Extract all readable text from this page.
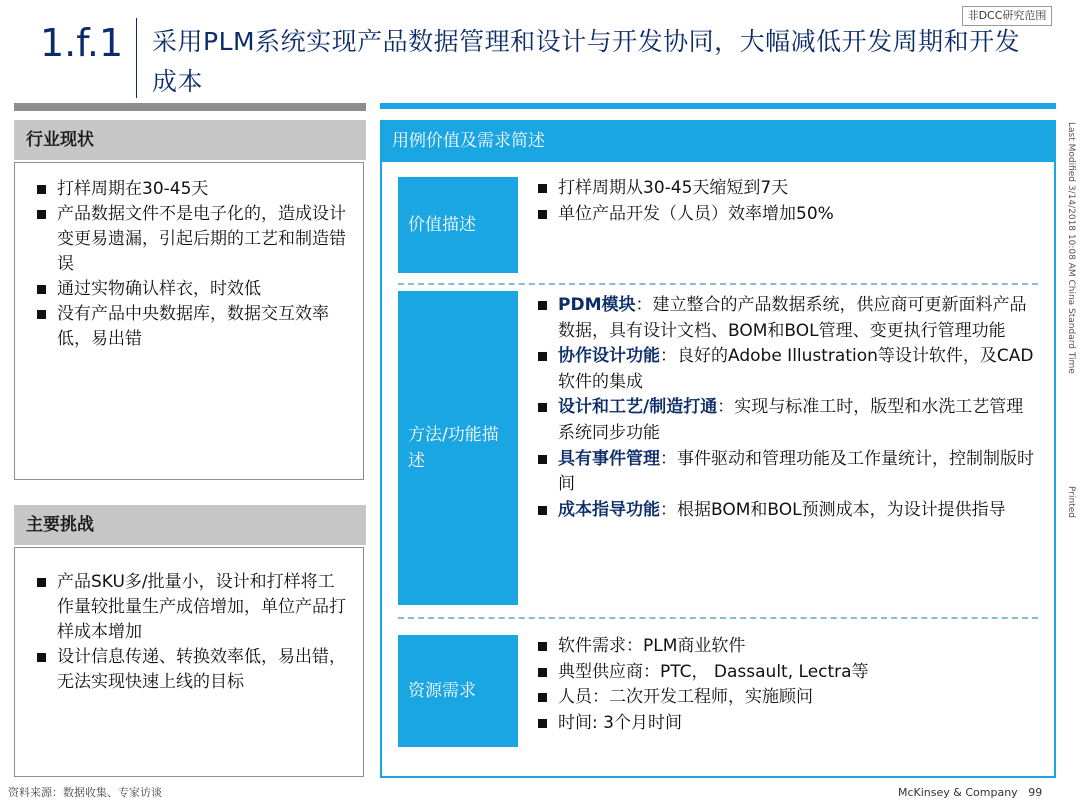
非DCC研究范围
1.f.1 采用PLM系统实现产品数据管理和设计与开发协同，大幅减低开发周期和开发成本
行业现状
打样周期在30-45天
产品数据文件不是电子化的，造成设计变更易遗漏，引起后期的工艺和制造错误
通过实物确认样衣，时效低
没有产品中央数据库，数据交互效率低，易出错
主要挑战
产品SKU多/批量小，设计和打样将工作量较批量生产成倍增加，单位产品打样成本增加
设计信息传递、转换效率低，易出错，无法实现快速上线的目标
用例价值及需求简述
价值描述
打样周期从30-45天缩短到7天
单位产品开发（人员）效率增加50%
方法/功能描述
PDM模块：建立整合的产品数据系统，供应商可更新面料产品数据，具有设计文档、BOM和BOL管理、变更执行管理功能
协作设计功能：良好的Adobe Illustration等设计软件，及CAD软件的集成
设计和工艺/制造打通：实现与标准工时，版型和水洗工艺管理系统同步功能
具有事件管理：事件驱动和管理功能及工作量统计，控制制版时间
成本指导功能：根据BOM和BOL预测成本，为设计提供指导
资源需求
软件需求：PLM商业软件
典型供应商：PTC， Dassault, Lectra等
人员：二次开发工程师，实施顾问
时间: 3个月时间
Last Modified 3/14/2018 10:08 AM China Standard Time
Printed
资料来源：数据收集、专家访谈	McKinsey & Company 99
